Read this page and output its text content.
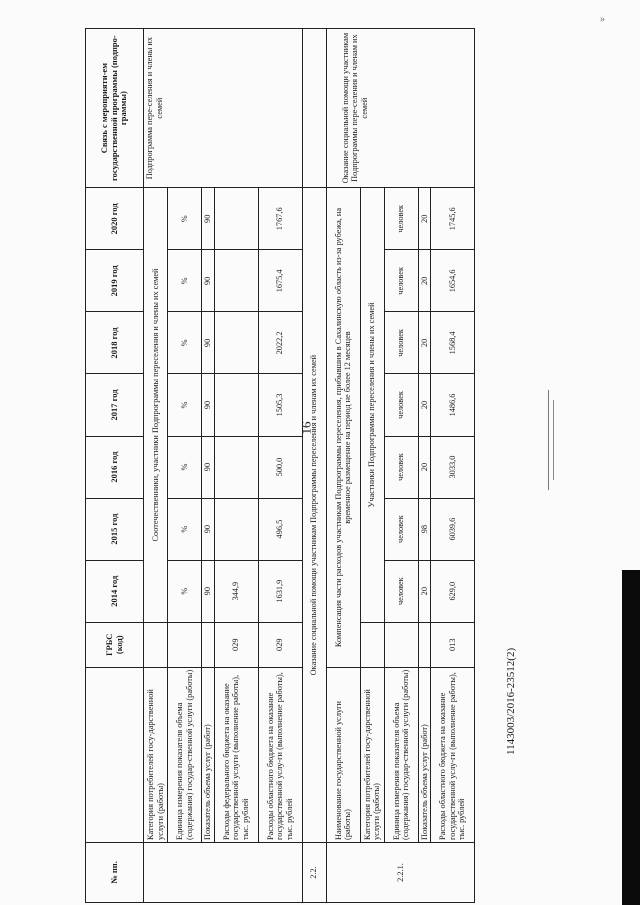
»
16
1143003/2016-23512(2)
№ пп.		ГРБС (код)	2014 год	2015 год	2016 год	2017 год	2018 год	2019 год	2020 год	Связь с мероприяти-ем государственной программы (подпро-граммы)
	Категория потребителей госу-дарственной услуги (работы)		Соотечественники, участники Подпрограммы переселения и члены их семей							Подпрограмма пере-селения и члены их семей
	Единица измерения показателя объема (содержания) государ-ственной услуги (работы)		%	%	%	%	%	%	%	
	Показатель объема услуг (работ)		90	90	90	90	90	90	90	
	Расходы федерального бюджета на оказание государственной услуги (выполнение работы), тыс. рублей	029	344,9							
	Расходы областного бюджета на оказание государственной услу-ги (выполнение работы), тыс. рублей	029	1631,9	496,5	500,0	1505,3	2022,2	1675,4	1767,6	
2.2.	Оказание социальной помощи участникам Подпрограммы переселения и членам их семей									
2.2.1.	Наименование государственной услуги (работы)	Компенсация части расходов участникам Подпрограммы переселения, прибывшим в Сахалинскую область из-за рубежа, на временное размещение на период не более 12 месяцев								Оказание социальной помощи участникам Подпрограммы пере-селения и членам их семей
	Категория потребителей госу-дарственной услуги (работы)		Участники Подпрограммы переселения и члены их семей							
	Единица измерения показателя объема (содержания) государ-ственной услуги (работы)		человек	человек	человек	человек	человек	человек	человек	
	Показатель объема услуг (работ)		20	98	20	20	20	20	20	
	Расходы областного бюджета на оказание государственной услу-ги (выполнение работы), тыс. рублей	013	629,0	6039,6	3033,0	1486,6	1568,4	1654,6	1745,6	
